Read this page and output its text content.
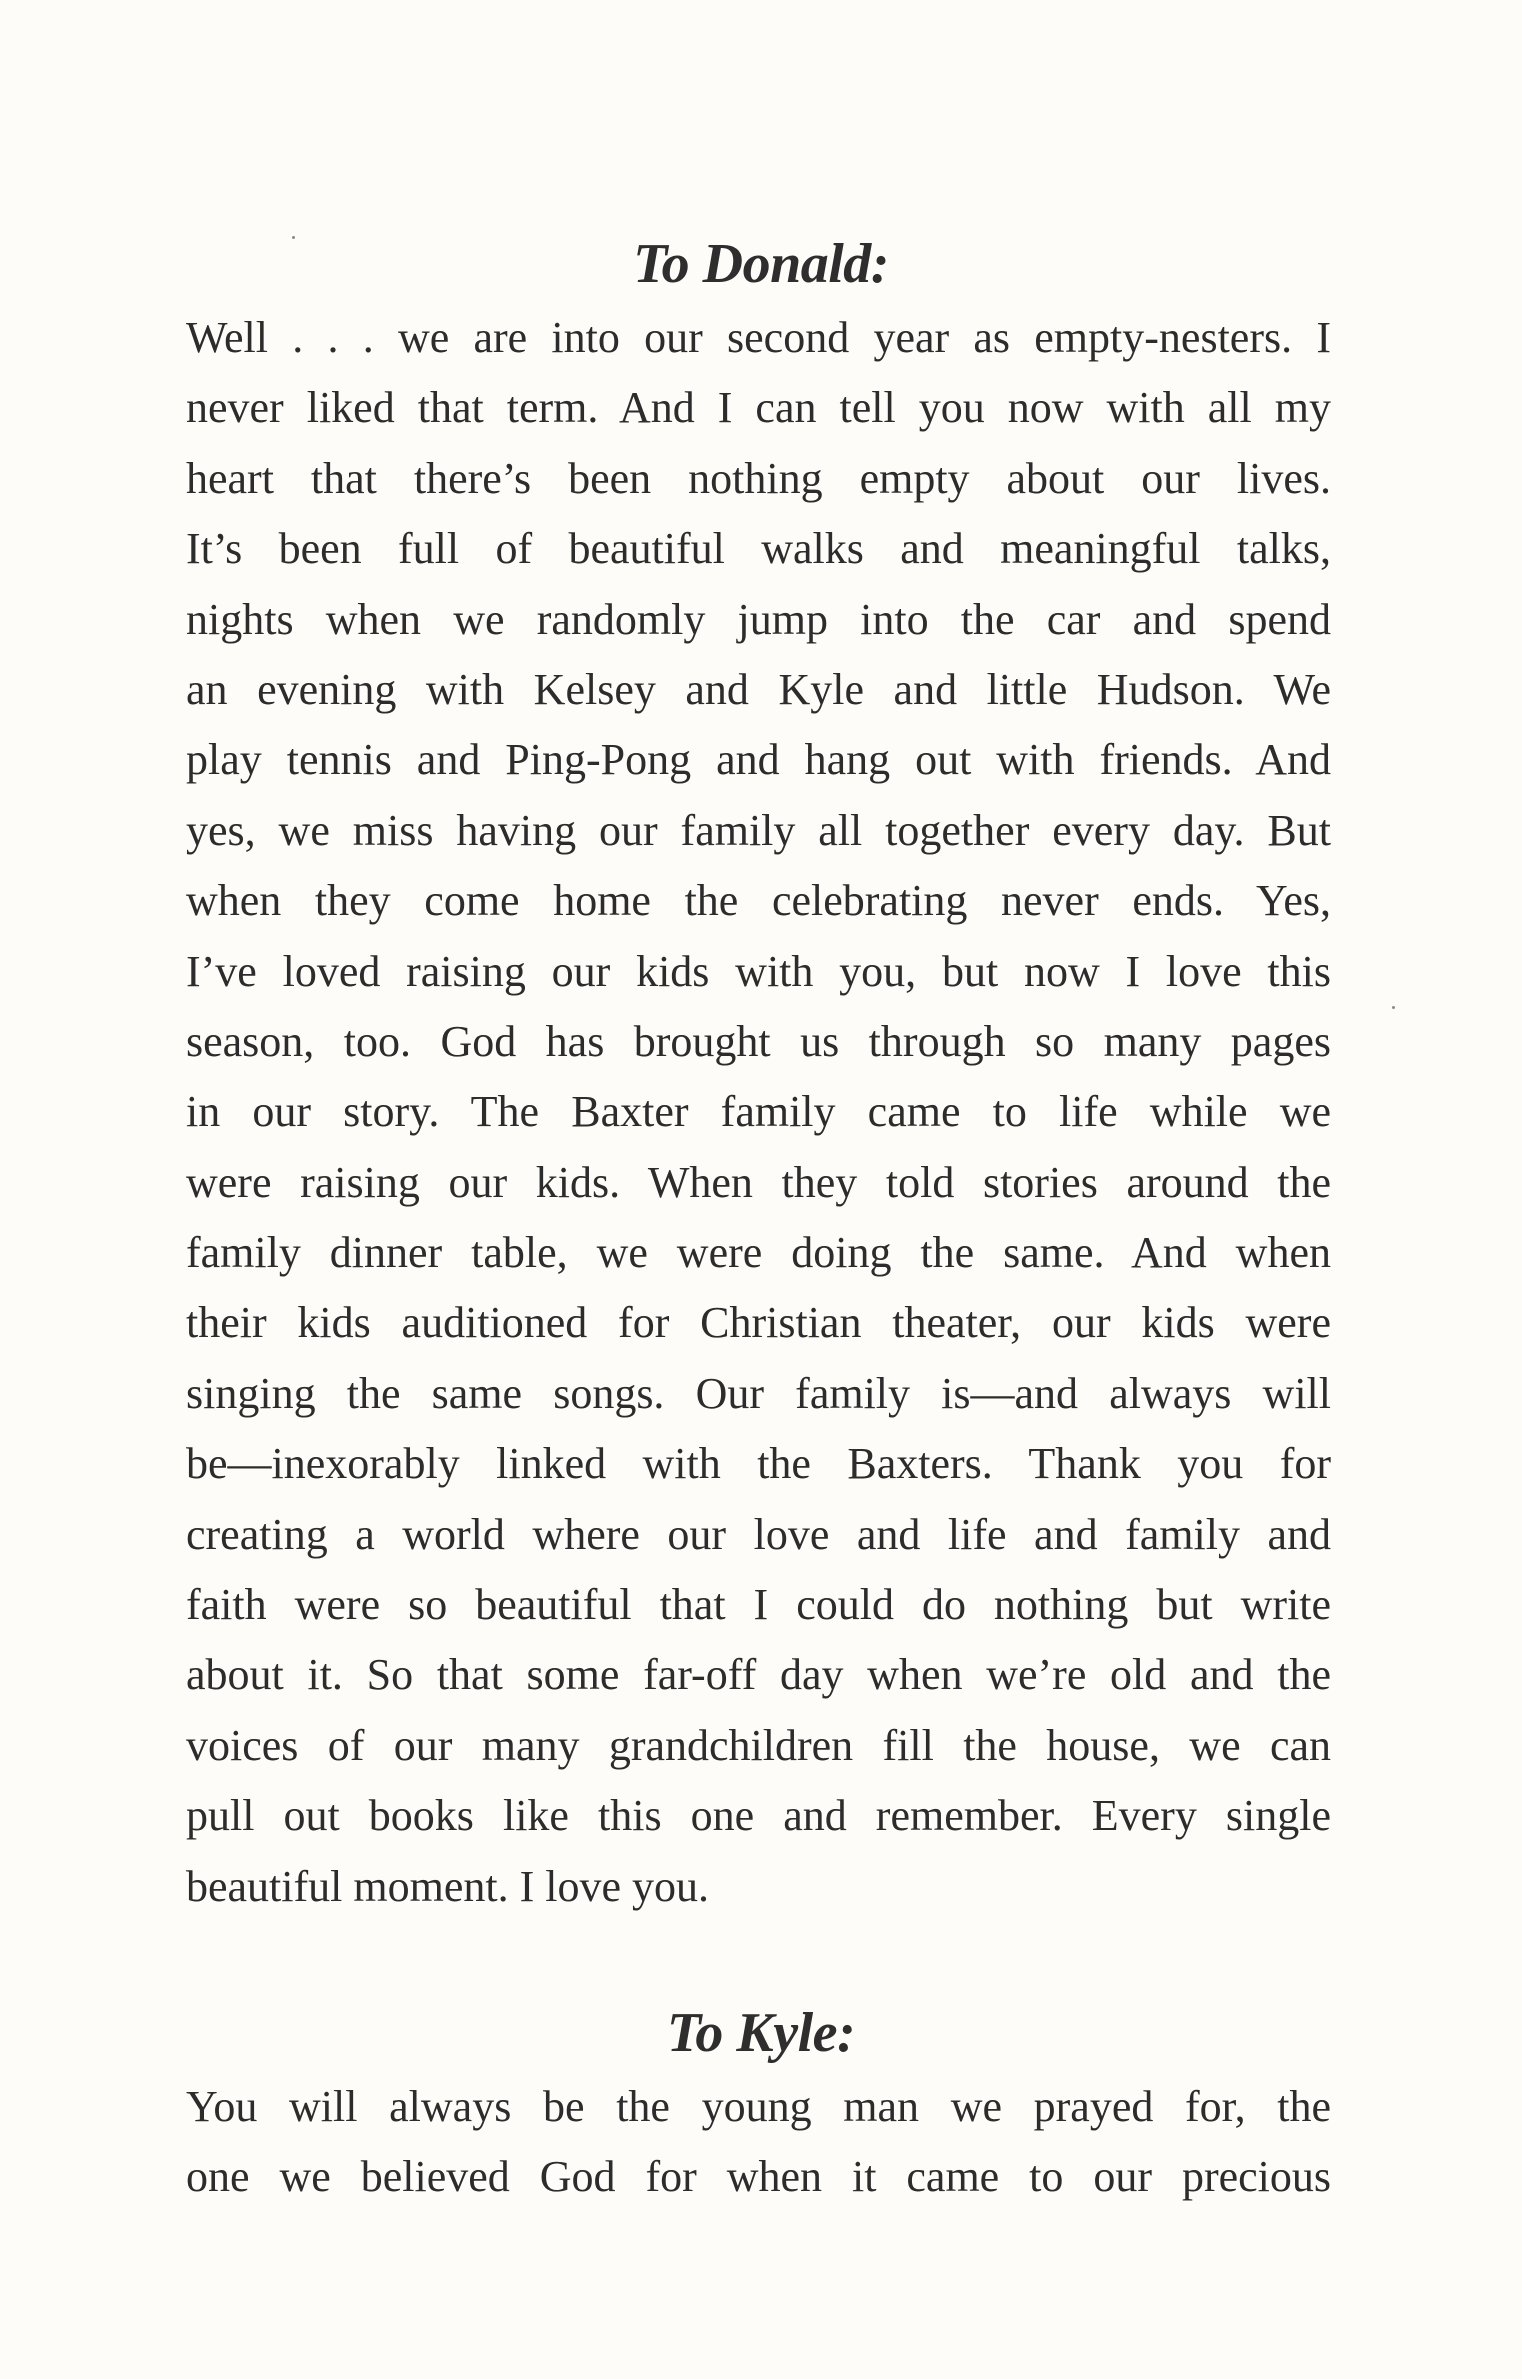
To Donald:
Well . . . we are into our second year as empty-nesters. I
never liked that term. And I can tell you now with all my
heart that there’s been nothing empty about our lives.
It’s been full of beautiful walks and meaningful talks,
nights when we randomly jump into the car and spend
an evening with Kelsey and Kyle and little Hudson. We
play tennis and Ping-Pong and hang out with friends. And
yes, we miss having our family all together every day. But
when they come home the celebrating never ends. Yes,
I’ve loved raising our kids with you, but now I love this
season, too. God has brought us through so many pages
in our story. The Baxter family came to life while we
were raising our kids. When they told stories around the
family dinner table, we were doing the same. And when
their kids auditioned for Christian theater, our kids were
singing the same songs. Our family is—and always will
be—inexorably linked with the Baxters. Thank you for
creating a world where our love and life and family and
faith were so beautiful that I could do nothing but write
about it. So that some far-off day when we’re old and the
voices of our many grandchildren fill the house, we can
pull out books like this one and remember. Every single
beautiful moment. I love you.
To Kyle:
You will always be the young man we prayed for, the
one we believed God for when it came to our precious
